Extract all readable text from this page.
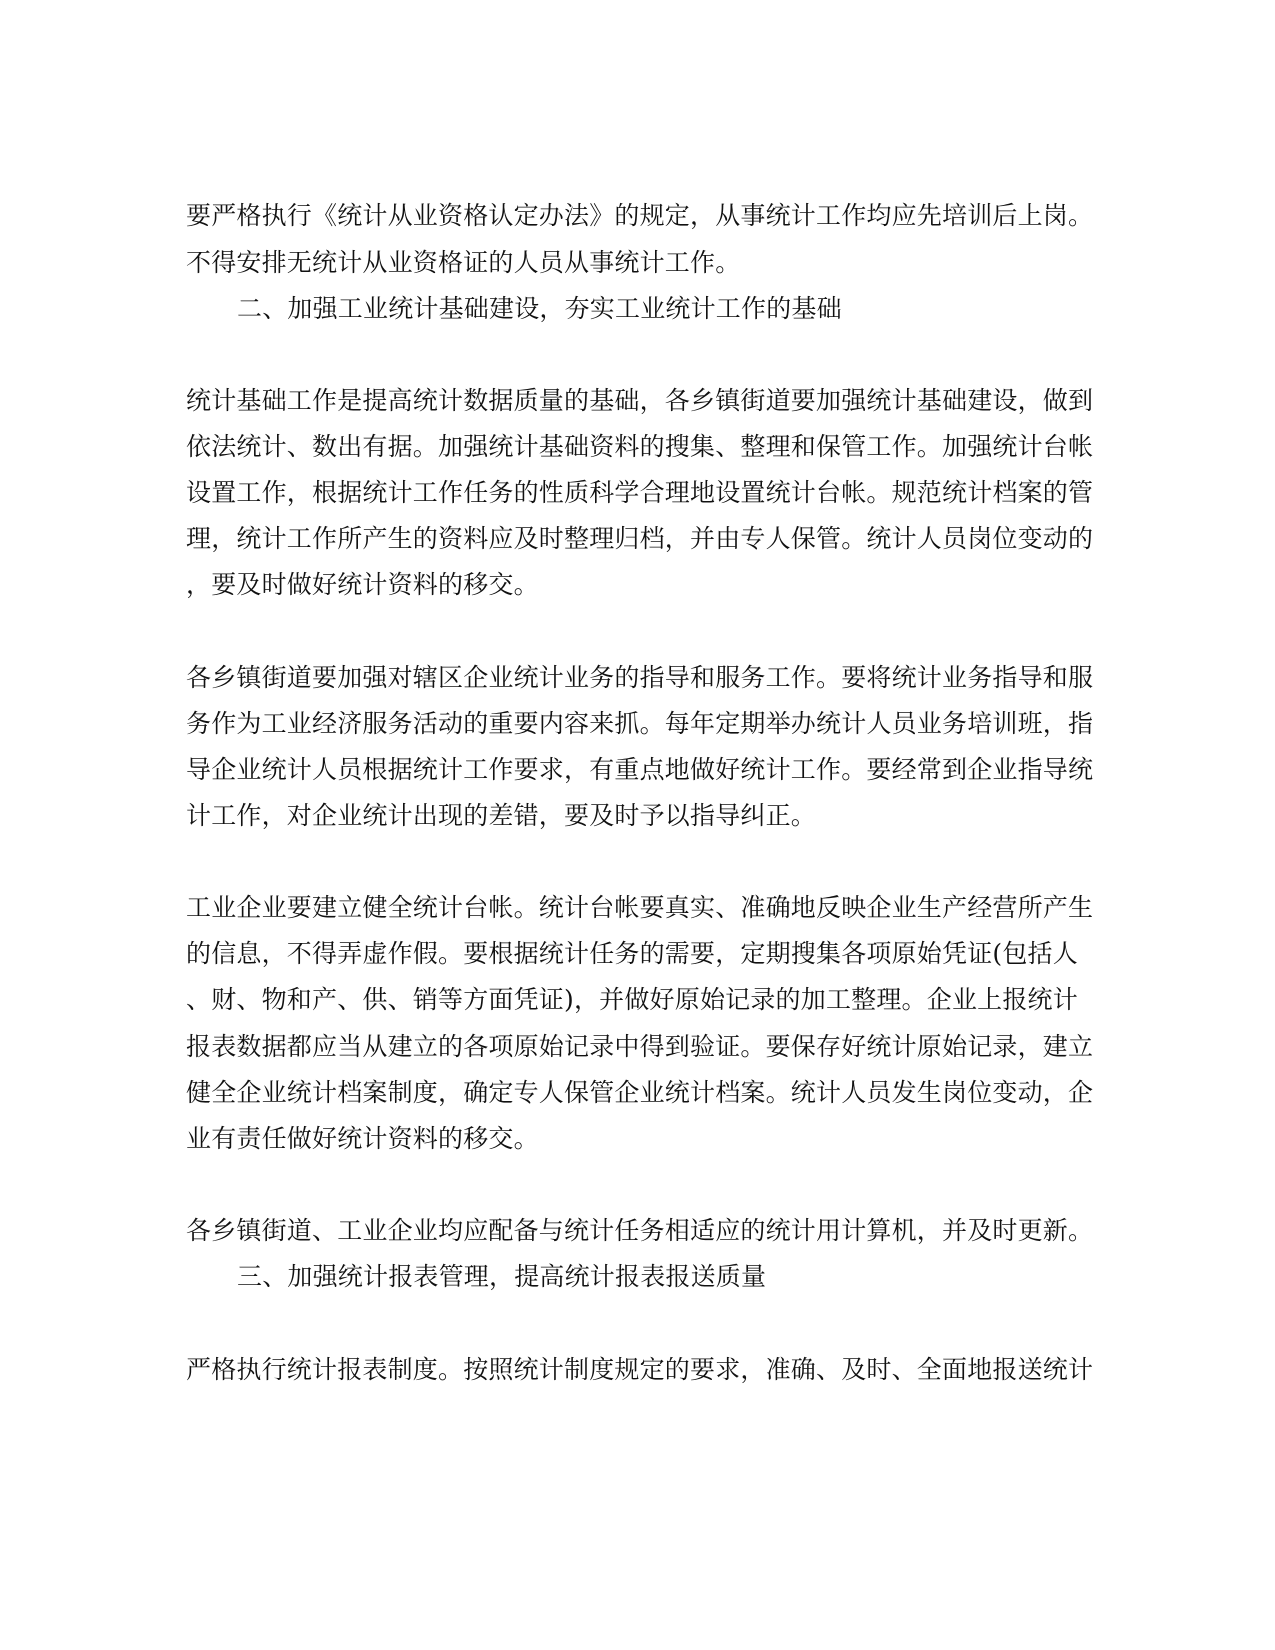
要严格执行《统计从业资格认定办法》的规定，从事统计工作均应先培训后上岗。
不得安排无统计从业资格证的人员从事统计工作。
二、加强工业统计基础建设，夯实工业统计工作的基础
统计基础工作是提高统计数据质量的基础，各乡镇街道要加强统计基础建设，做到
依法统计、数出有据。加强统计基础资料的搜集、整理和保管工作。加强统计台帐
设置工作，根据统计工作任务的性质科学合理地设置统计台帐。规范统计档案的管
理，统计工作所产生的资料应及时整理归档，并由专人保管。统计人员岗位变动的
，要及时做好统计资料的移交。
各乡镇街道要加强对辖区企业统计业务的指导和服务工作。要将统计业务指导和服
务作为工业经济服务活动的重要内容来抓。每年定期举办统计人员业务培训班，指
导企业统计人员根据统计工作要求，有重点地做好统计工作。要经常到企业指导统
计工作，对企业统计出现的差错，要及时予以指导纠正。
工业企业要建立健全统计台帐。统计台帐要真实、准确地反映企业生产经营所产生
的信息，不得弄虚作假。要根据统计任务的需要，定期搜集各项原始凭证(包括人
、财、物和产、供、销等方面凭证)，并做好原始记录的加工整理。企业上报统计
报表数据都应当从建立的各项原始记录中得到验证。要保存好统计原始记录，建立
健全企业统计档案制度，确定专人保管企业统计档案。统计人员发生岗位变动，企
业有责任做好统计资料的移交。
各乡镇街道、工业企业均应配备与统计任务相适应的统计用计算机，并及时更新。
三、加强统计报表管理，提高统计报表报送质量
严格执行统计报表制度。按照统计制度规定的要求，准确、及时、全面地报送统计
